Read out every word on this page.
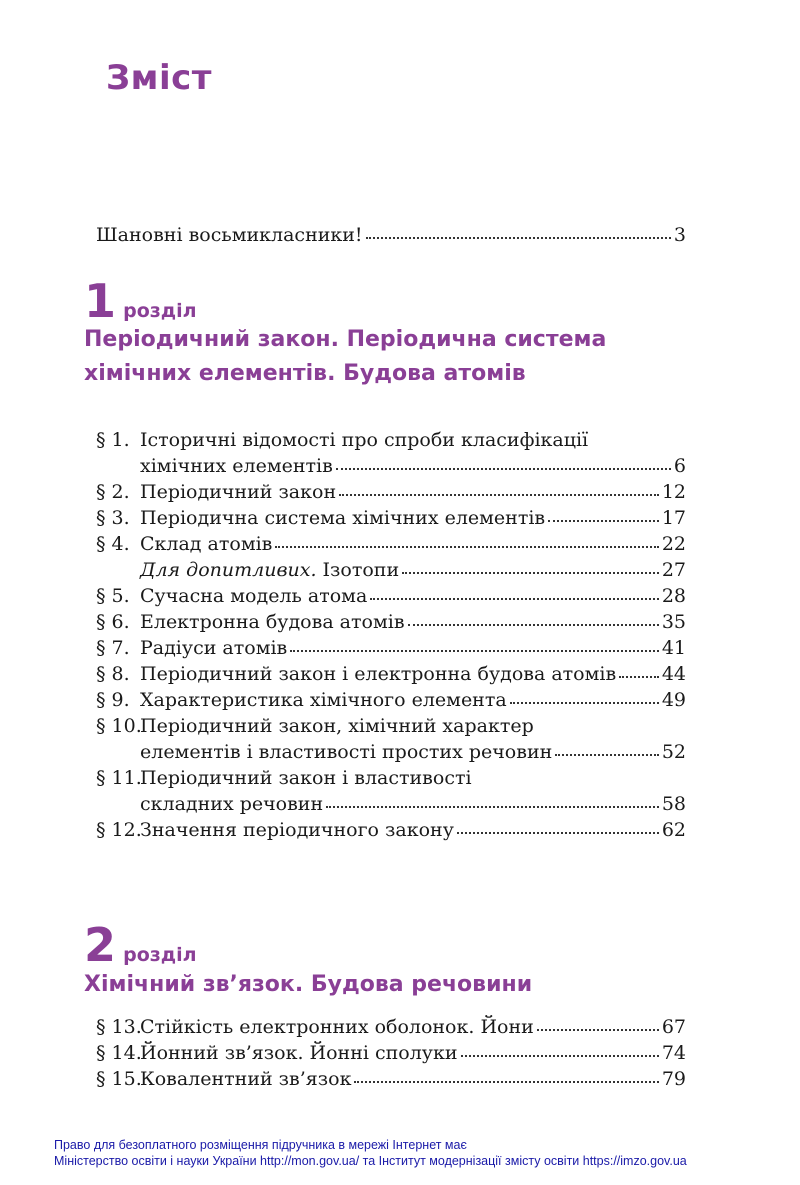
Зміст
Шановні восьмикласники!	3
1 розділ
Періодичний закон. Періодична система
хімічних елементів. Будова атомів
§ 1. Історичні відомості про спроби класифікації
хімічних елементів	6
§ 2. Періодичний закон	12
§ 3. Періодична система хімічних елементів	17
§ 4. Склад атомів	22
Для допитливих. Ізотопи	27
§ 5. Сучасна модель атома	28
§ 6. Електронна будова атомів	35
§ 7. Радіуси атомів	41
§ 8. Періодичний закон і електронна будова атомів 44
§ 9. Характеристика хімічного елемента	49
§ 10.
Періодичний закон, хімічний характер
елементів і властивості простих речовин	52
§ 11.
Періодичний закон і властивості
складних речовин	58
§ 12.
Значення періодичного закону	62
2 розділ
Хімічний зв’язок. Будова речовини
§ 13.
Стійкість електронних оболонок. Йони	67
§ 14.
Йонний зв’язок. Йонні сполуки	74
§ 15.
Ковалентний зв’язок	79
Право для безоплатного розміщення підручника в мережі Інтернет має
Міністерство освіти і науки України http://mon.gov.ua/ та Інститут модернізації змісту освіти https://imzo.gov.ua
